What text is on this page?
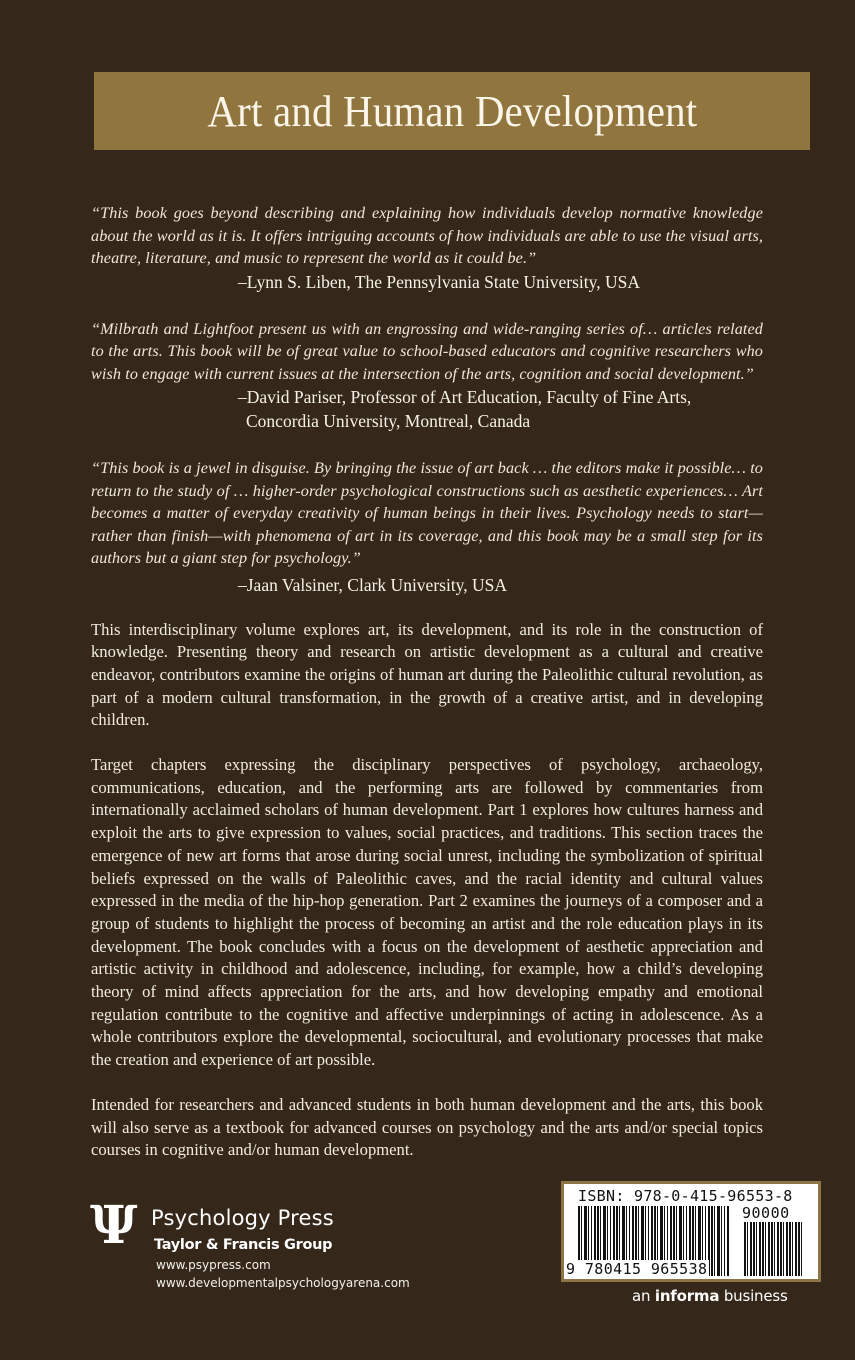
Art and Human Development

“This book goes beyond describing and explaining how individuals develop normative knowledge about the world as it is. It offers intriguing accounts of how individuals are able to use the visual arts, theatre, literature, and music to represent the world as it could be.”

–Lynn S. Liben, The Pennsylvania State University, USA

“Milbrath and Lightfoot present us with an engrossing and wide-ranging series of… articles related to the arts. This book will be of great value to school-based educators and cognitive researchers who wish to engage with current issues at the intersection of the arts, cognition and social development.”

–David Pariser, Professor of Art Education, Faculty of Fine Arts,

Concordia University, Montreal, Canada

“This book is a jewel in disguise. By bringing the issue of art back … the editors make it possible… to return to the study of … higher-order psychological constructions such as aesthetic experiences… Art becomes a matter of everyday creativity of human beings in their lives. Psychology needs to start—rather than finish—with phenomena of art in its coverage, and this book may be a small step for its authors but a giant step for psychology.”

–Jaan Valsiner, Clark University, USA

This interdisciplinary volume explores art, its development, and its role in the construction of knowledge. Presenting theory and research on artistic development as a cultural and creative endeavor, contributors examine the origins of human art during the Paleolithic cultural revolution, as part of a modern cultural transformation, in the growth of a creative artist, and in developing children.

Target chapters expressing the disciplinary perspectives of psychology, archaeology, communications, education, and the performing arts are followed by commentaries from internationally acclaimed scholars of human development. Part 1 explores how cultures harness and exploit the arts to give expression to values, social practices, and traditions. This section traces the emergence of new art forms that arose during social unrest, including the symbolization of spiritual beliefs expressed on the walls of Paleolithic caves, and the racial identity and cultural values expressed in the media of the hip-hop generation. Part 2 examines the journeys of a composer and a group of students to highlight the process of becoming an artist and the role education plays in its development. The book concludes with a focus on the development of aesthetic appreciation and artistic activity in childhood and adolescence, including, for example, how a child’s developing theory of mind affects appreciation for the arts, and how developing empathy and emotional regulation contribute to the cognitive and affective underpinnings of acting in adolescence. As a whole contributors explore the developmental, sociocultural, and evolutionary processes that make the creation and experience of art possible.

Intended for researchers and advanced students in both human development and the arts, this book will also serve as a textbook for advanced courses on psychology and the arts and/or special topics courses in cognitive and/or human development.

Ψ Psychology Press
Taylor & Francis Group
www.psypress.com
www.developmentalpsychologyarena.com
ISBN: 978-0-415-96553-8
90000
9 780415 965538
an informa business
